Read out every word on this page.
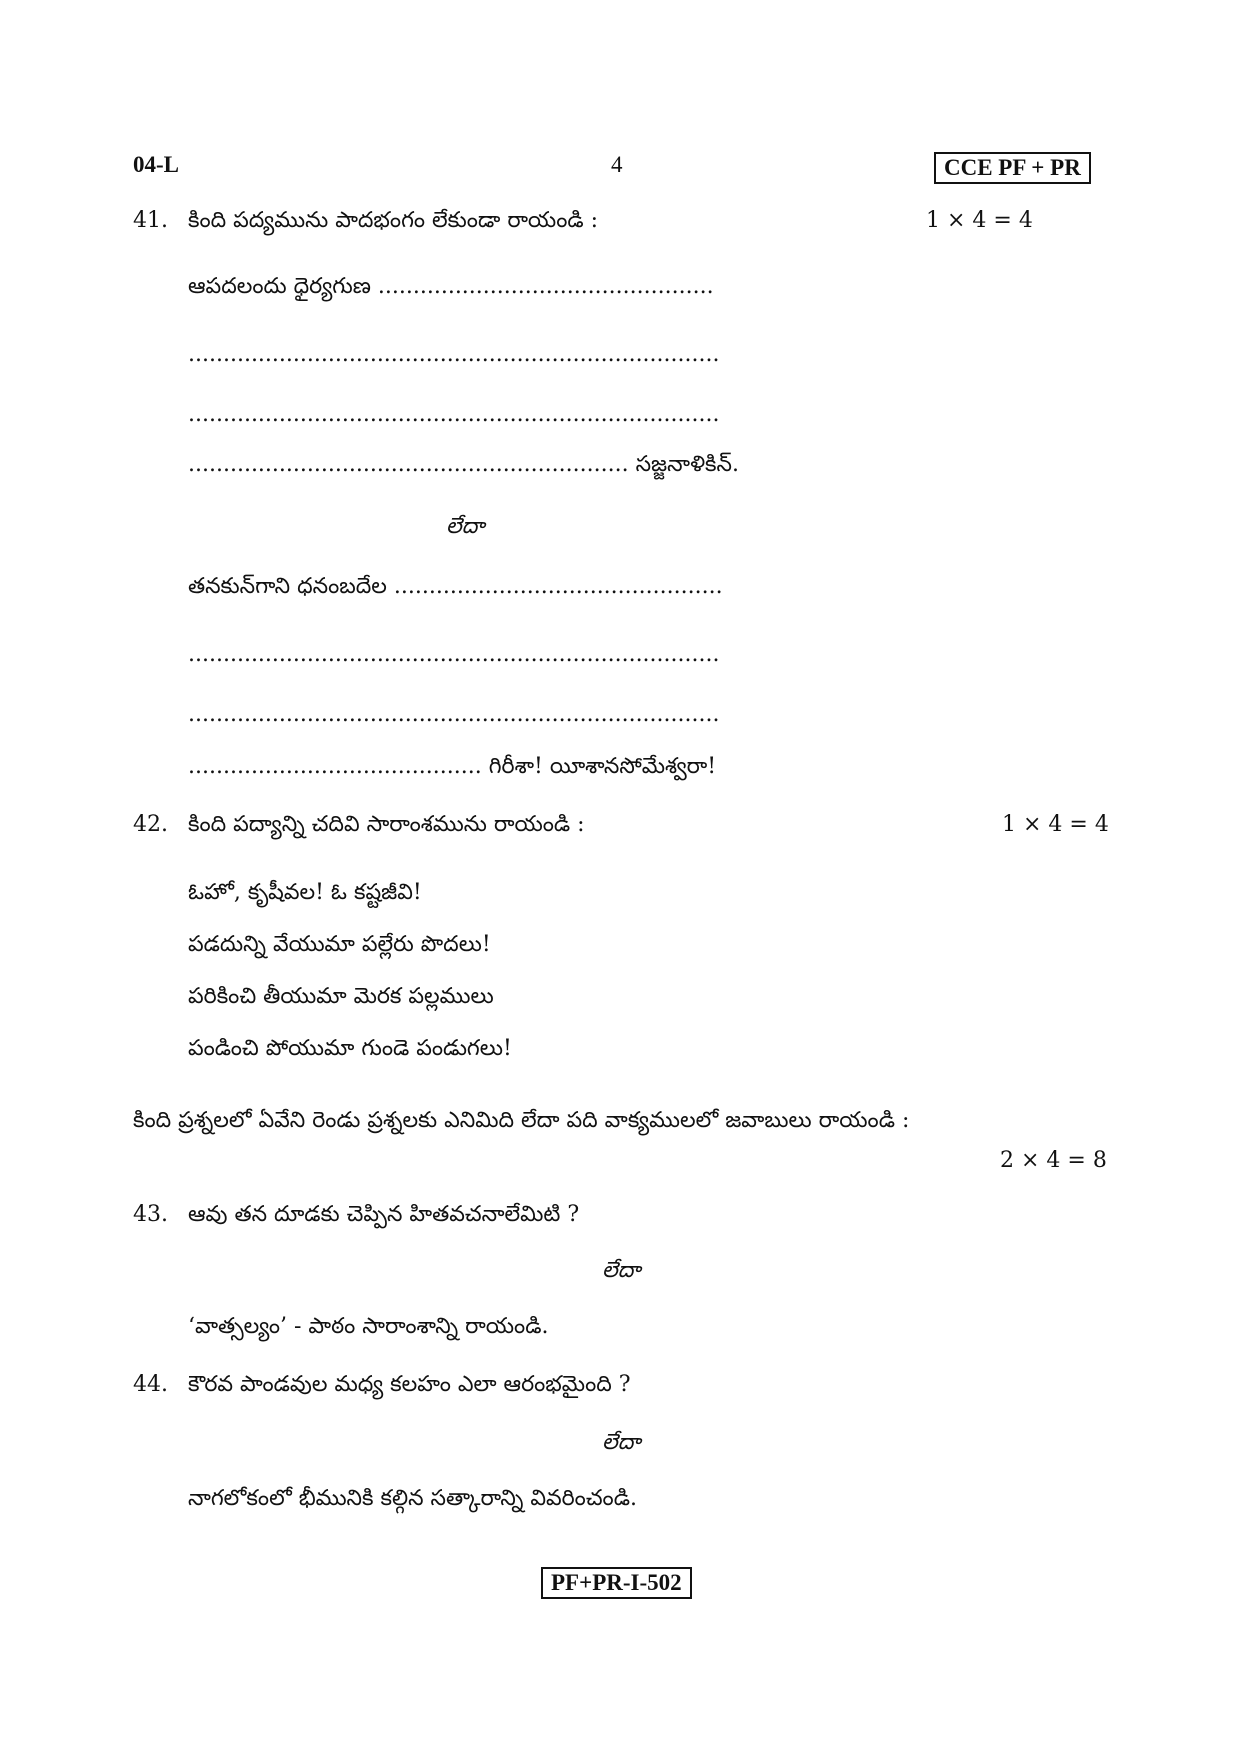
04-L	4	CCE PF + PR
41. కింది పద్యమును పాదభంగం లేకుండా రాయండి :	1 × 4 = 4
ఆపదలందు ధైర్యగుణ ................................................
............................................................................
............................................................................
............................................................... సజ్జనాళికిన్.
లేదా
తనకున్‌గాని ధనంబదేల ...............................................
............................................................................
............................................................................
.......................................... గిరీశా! యీశానసోమేశ్వరా!
42. కింది పద్యాన్ని చదివి సారాంశమును రాయండి :	1 × 4 = 4
ఓహో, కృషీవల! ఓ కష్టజీవి!
పడదున్ని వేయుమా పల్లేరు పొదలు!
పరికించి తీయుమా మెరక పల్లములు
పండించి పోయుమా గుండె పండుగలు!
కింది ప్రశ్నలలో ఏవేని రెండు ప్రశ్నలకు ఎనిమిది లేదా పది వాక్యములలో జవాబులు రాయండి :
2 × 4 = 8
43. ఆవు తన దూడకు చెప్పిన హితవచనాలేమిటి ?
లేదా
‘వాత్సల్యం’ - పాఠం సారాంశాన్ని రాయండి.
44. కౌరవ పాండవుల మధ్య కలహం ఎలా ఆరంభమైంది ?
లేదా
నాగలోకంలో భీమునికి కల్గిన సత్కారాన్ని వివరించండి.
PF+PR-I-502
